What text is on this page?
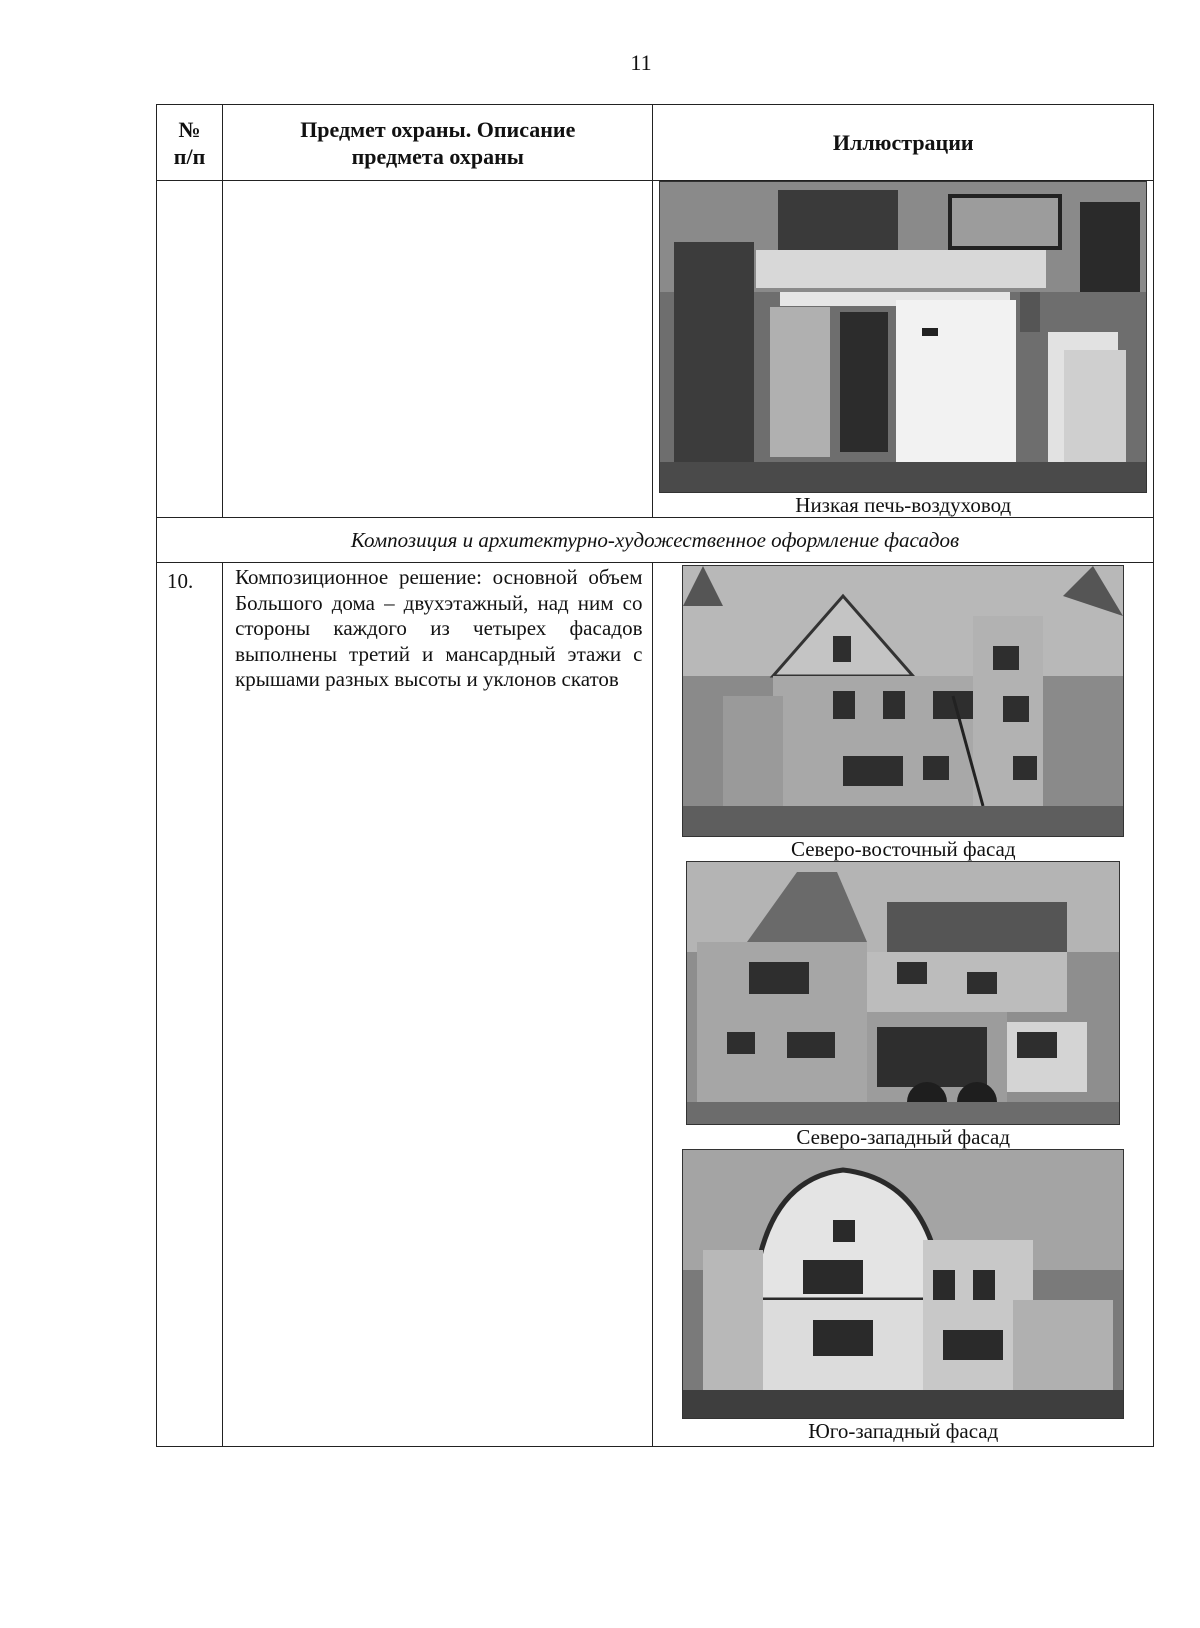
11
№ п/п	Предмет охраны. Описание предмета охраны	Иллюстрации

		Низкая печь-воздуховод

Композиция и архитектурно-художественное оформление фасадов		
10.	Композиционное решение: основной объем Большого дома – двухэтажный, над ним со стороны каждого из четырех фасадов выполнены третий и мансардный этажи с крышами разных высоты и уклонов скатов	Северо-восточный фасад
Северо-западный фасад
Юго-западный фасад
